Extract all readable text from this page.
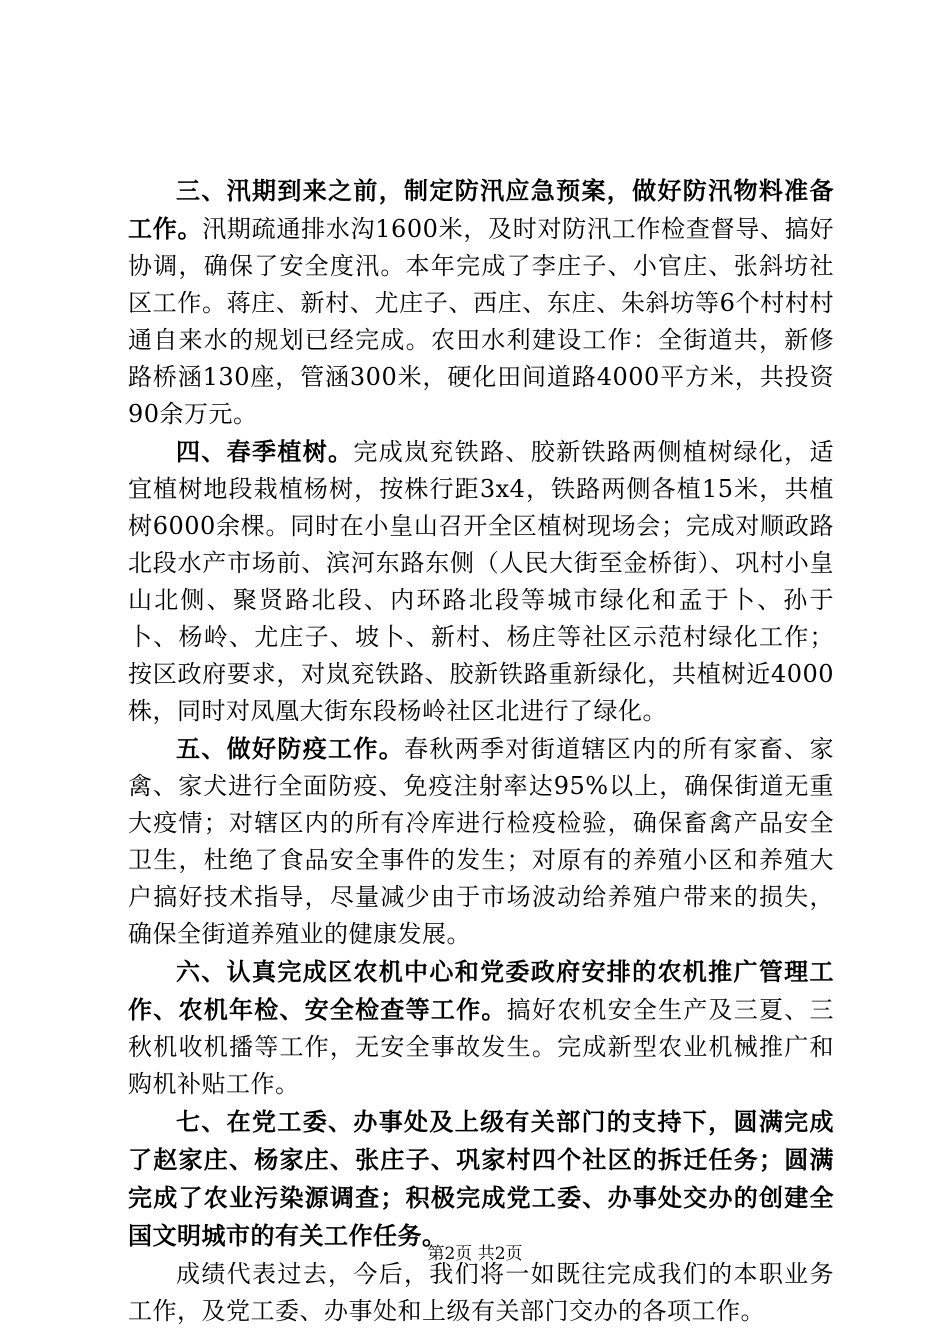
三、汛期到来之前，制定防汛应急预案，做好防汛物料准备工作。汛期疏通排水沟1600米，及时对防汛工作检查督导、搞好协调，确保了安全度汛。本年完成了李庄子、小官庄、张斜坊社区工作。蒋庄、新村、尤庄子、西庄、东庄、朱斜坊等6个村村村通自来水的规划已经完成。农田水利建设工作：全街道共，新修路桥涵130座，管涵300米，硬化田间道路4000平方米，共投资90余万元。

四、春季植树。完成岚兖铁路、胶新铁路两侧植树绿化，适宜植树地段栽植杨树，按株行距3x4，铁路两侧各植15米，共植树6000余棵。同时在小皇山召开全区植树现场会；完成对顺政路北段水产市场前、滨河东路东侧（人民大街至金桥街）、巩村小皇山北侧、聚贤路北段、内环路北段等城市绿化和孟于卜、孙于卜、杨岭、尤庄子、坡卜、新村、杨庄等社区示范村绿化工作；按区政府要求，对岚兖铁路、胶新铁路重新绿化，共植树近4000株，同时对凤凰大街东段杨岭社区北进行了绿化。

五、做好防疫工作。春秋两季对街道辖区内的所有家畜、家禽、家犬进行全面防疫、免疫注射率达95%以上，确保街道无重大疫情；对辖区内的所有冷库进行检疫检验，确保畜禽产品安全卫生，杜绝了食品安全事件的发生；对原有的养殖小区和养殖大户搞好技术指导，尽量减少由于市场波动给养殖户带来的损失，确保全街道养殖业的健康发展。

六、认真完成区农机中心和党委政府安排的农机推广管理工作、农机年检、安全检查等工作。搞好农机安全生产及三夏、三秋机收机播等工作，无安全事故发生。完成新型农业机械推广和购机补贴工作。

七、在党工委、办事处及上级有关部门的支持下，圆满完成了赵家庄、杨家庄、张庄子、巩家村四个社区的拆迁任务；圆满完成了农业污染源调查；积极完成党工委、办事处交办的创建全国文明城市的有关工作任务。

成绩代表过去，今后，我们将一如既往完成我们的本职业务工作，及党工委、办事处和上级有关部门交办的各项工作。

第2页 共2页
